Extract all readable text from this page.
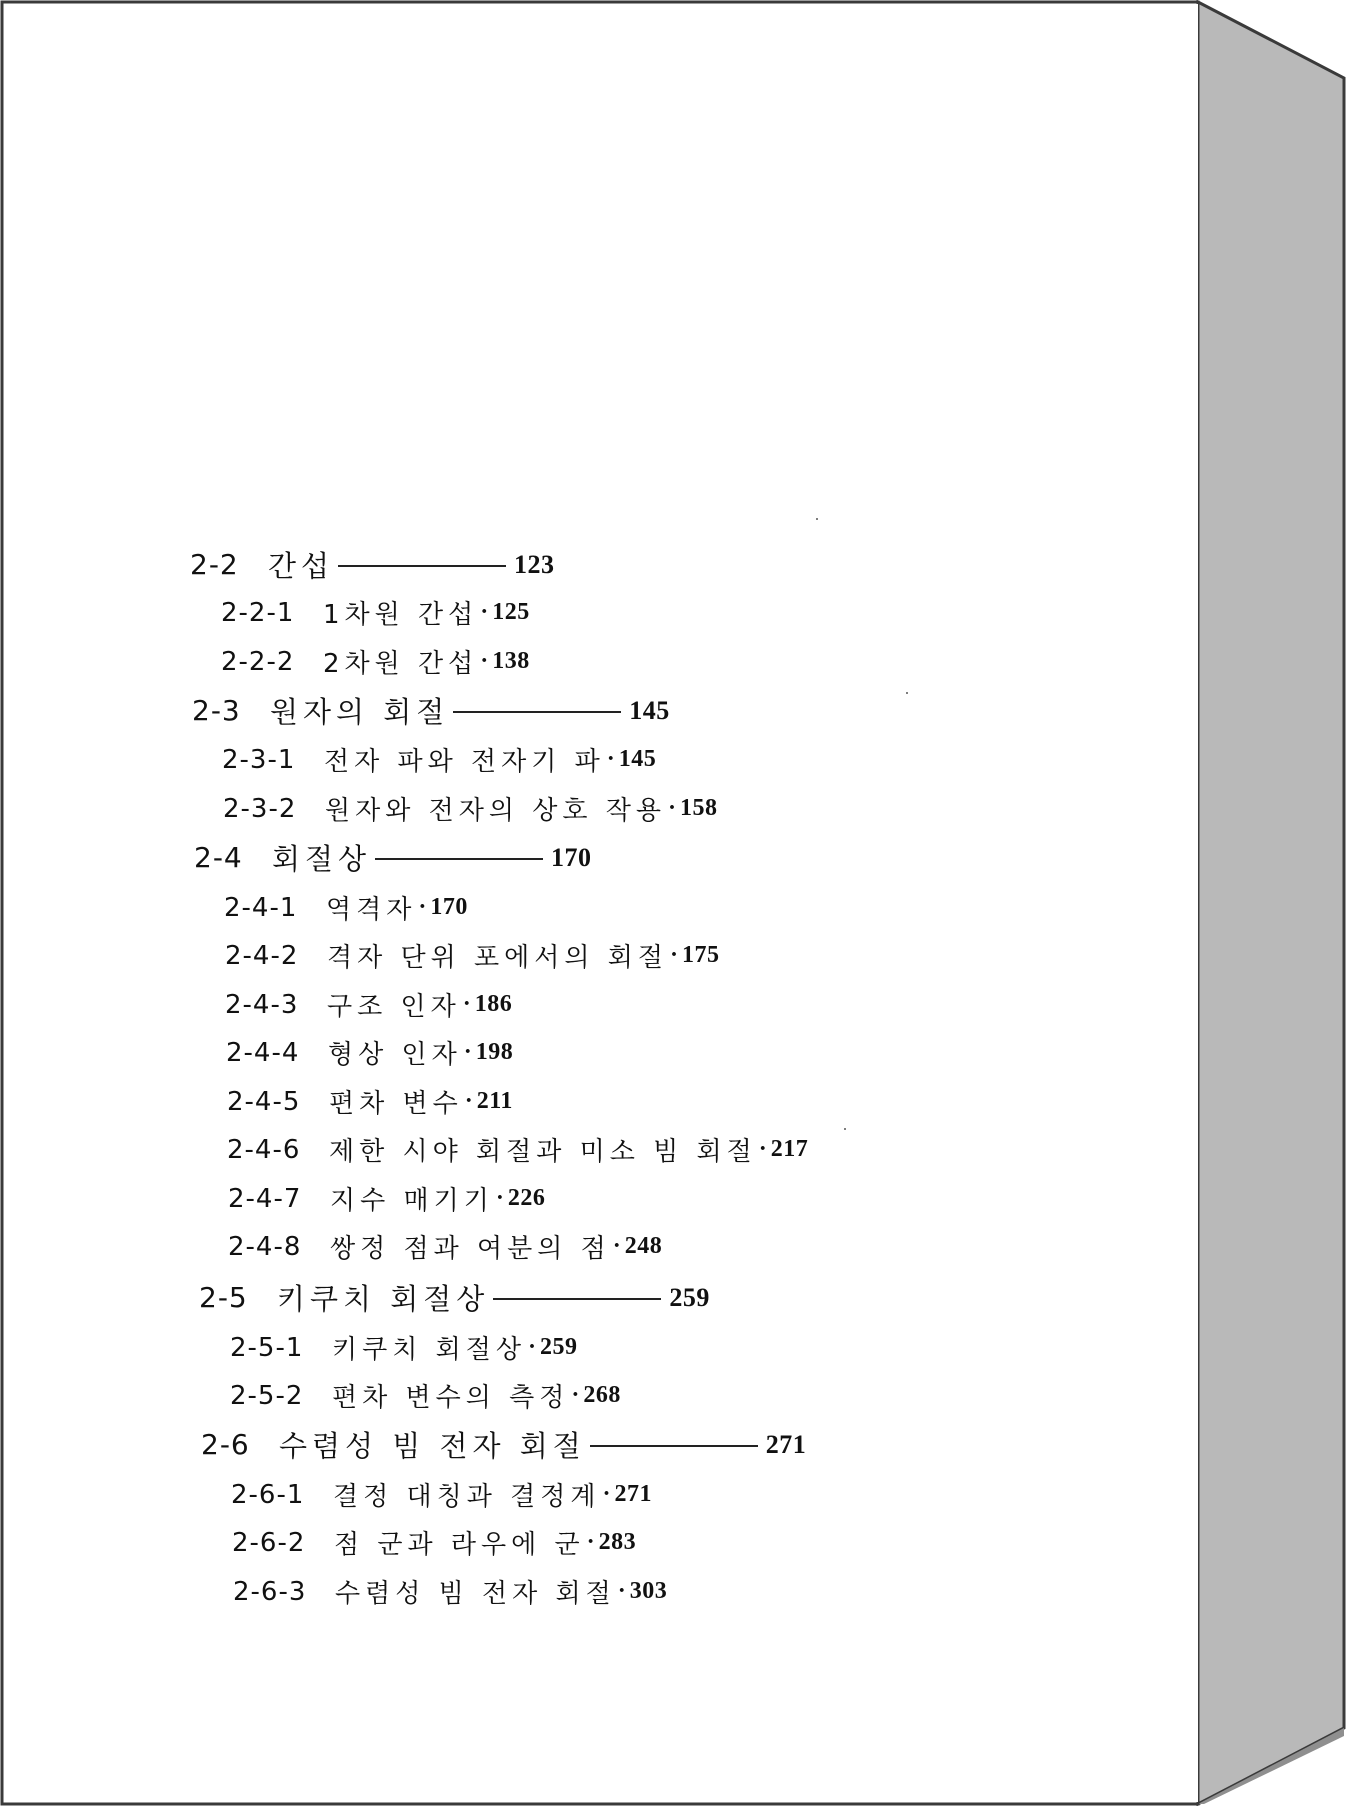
2-2	간섭	123
2-2-1	1차원 간섭 · 125
2-2-2	2차원 간섭 · 138
2-3	원자의 회절	145
2-3-1	전자 파와 전자기 파 · 145
2-3-2	원자와 전자의 상호 작용 · 158
2-4	회절상	170
2-4-1	역격자 · 170
2-4-2	격자 단위 포에서의 회절 · 175
2-4-3	구조 인자 · 186
2-4-4	형상 인자 · 198
2-4-5	편차 변수 · 211
2-4-6	제한 시야 회절과 미소 빔 회절 · 217
2-4-7	지수 매기기 · 226
2-4-8	쌍정 점과 여분의 점 · 248
2-5	키쿠치 회절상	259
2-5-1	키쿠치 회절상 · 259
2-5-2	편차 변수의 측정 · 268
2-6	수렴성 빔 전자 회절	271
2-6-1	결정 대칭과 결정계 · 271
2-6-2	점 군과 라우에 군 · 283
2-6-3	수렴성 빔 전자 회절 · 303
